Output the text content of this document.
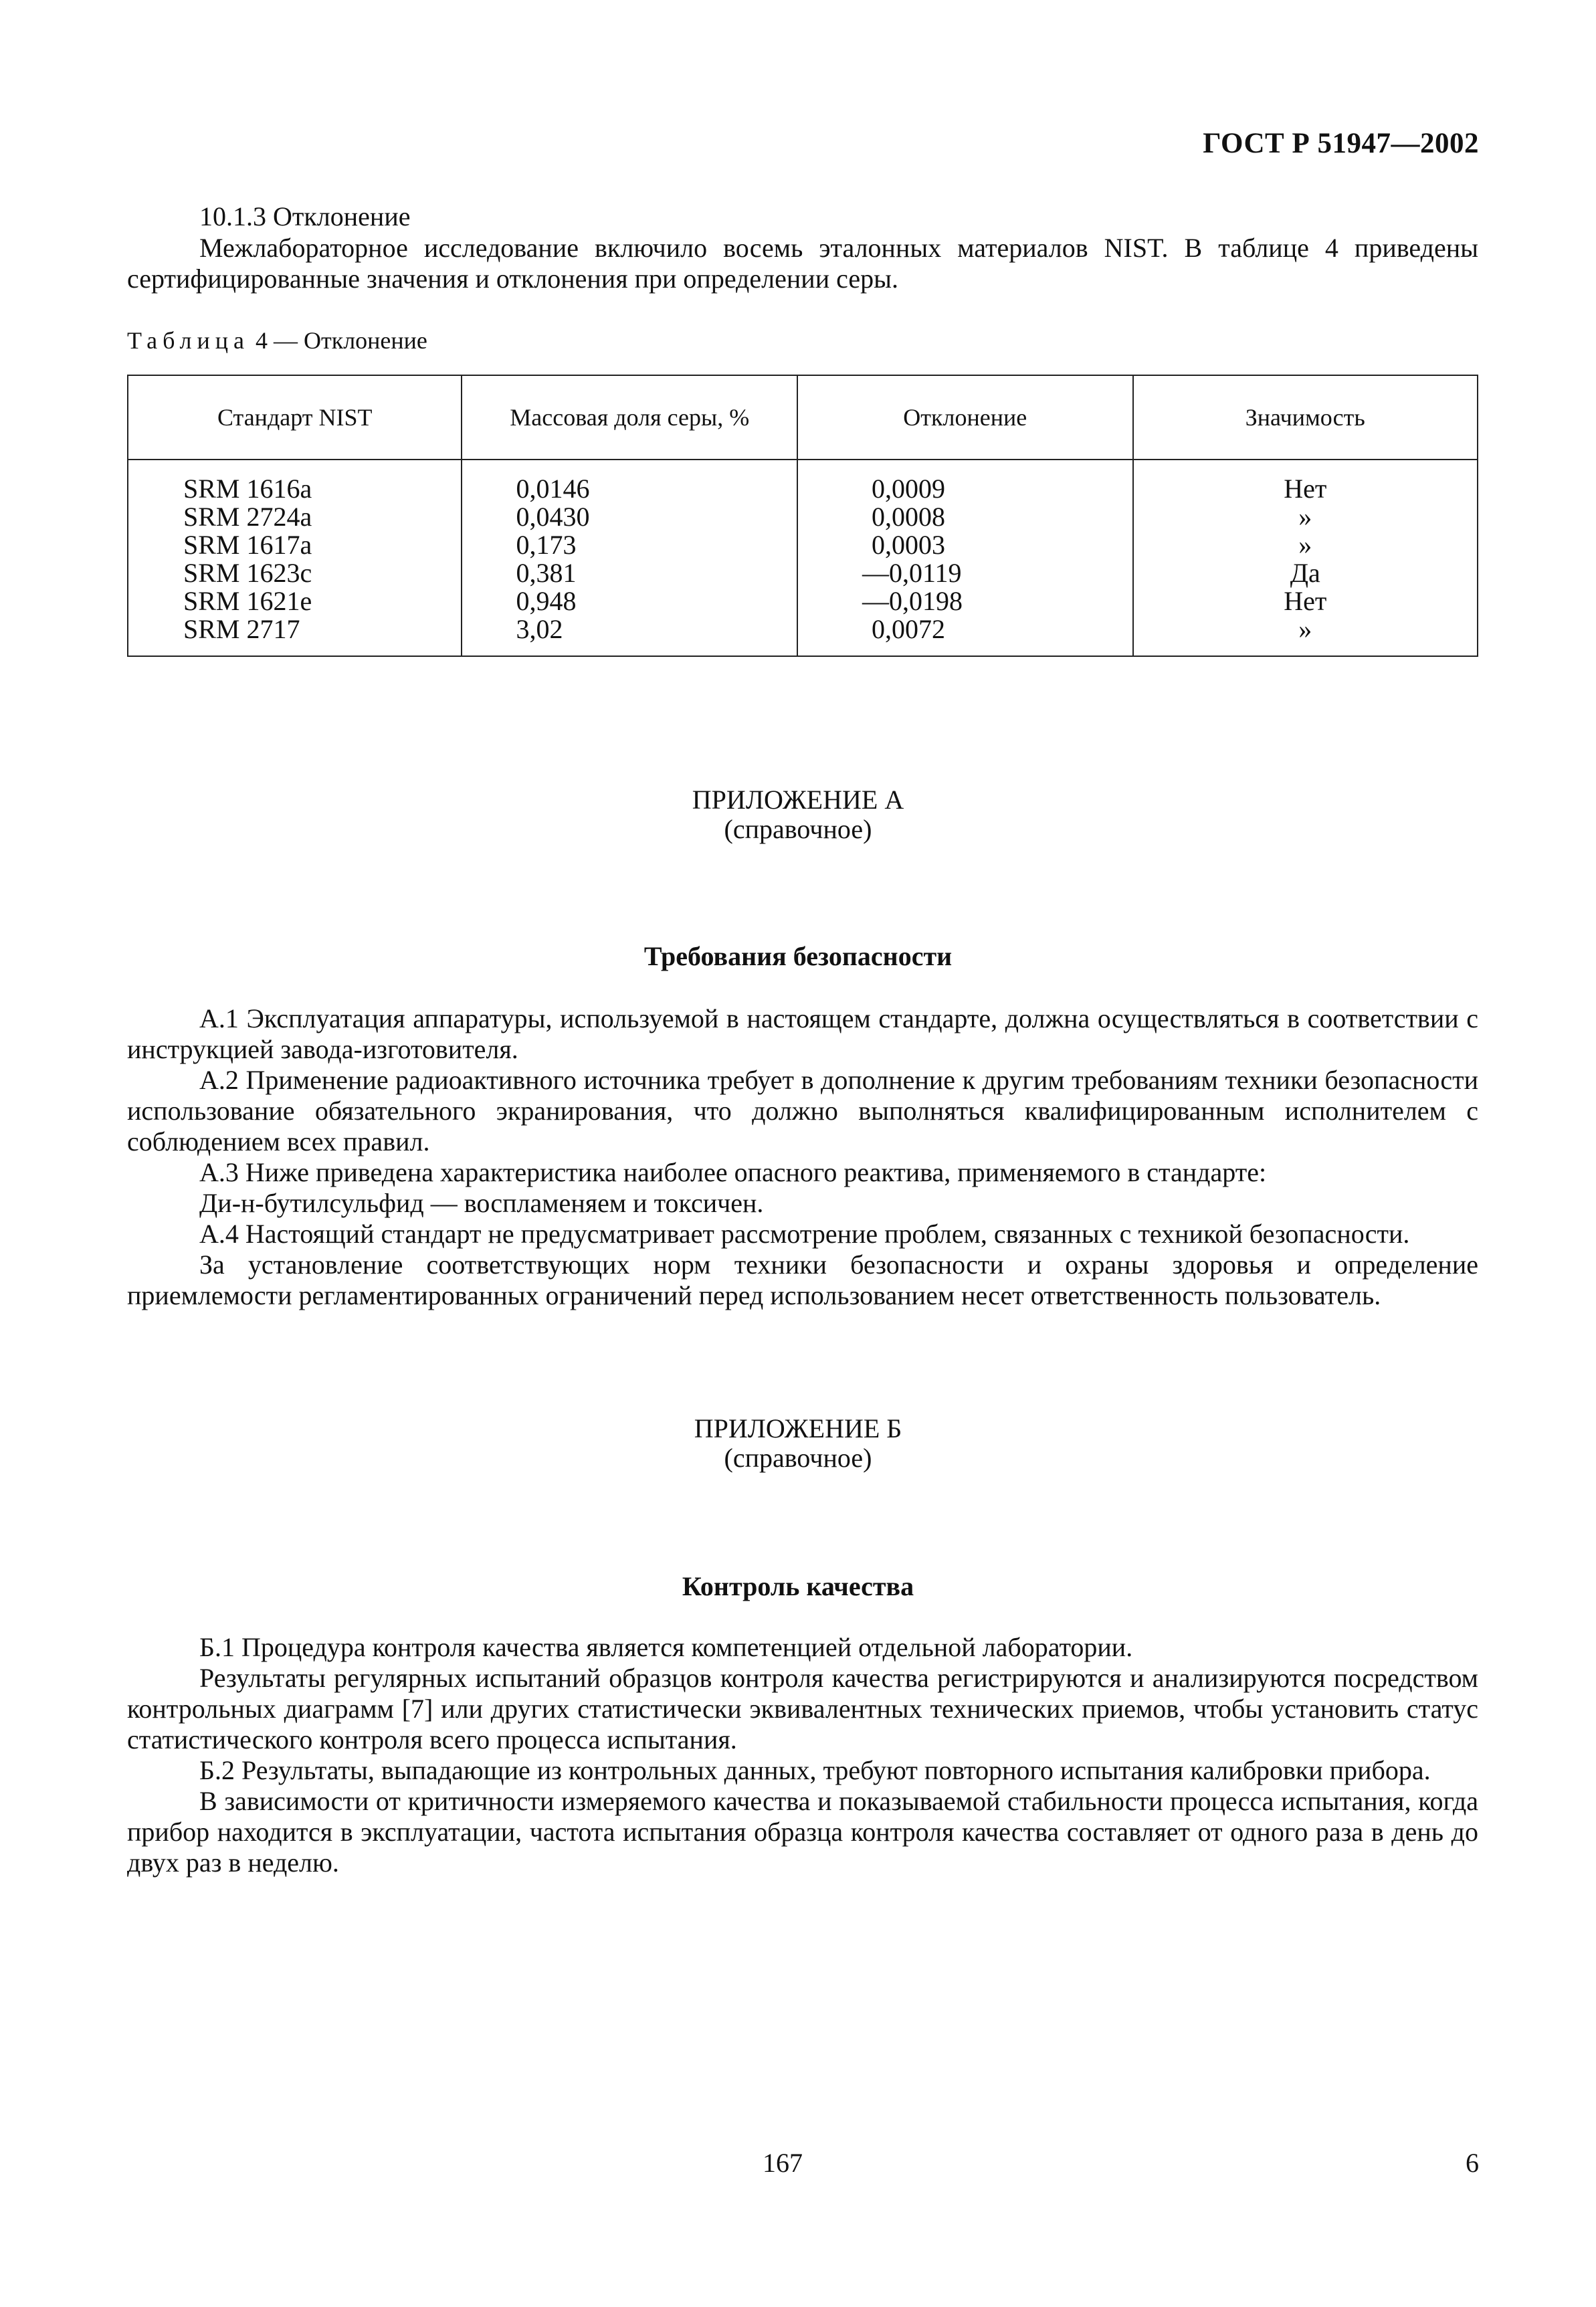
ГОСТ Р 51947—2002
10.1.3 Отклонение

Межлабораторное исследование включило восемь эталонных материалов NIST. В таблице 4 приведены сертифицированные значения и отклонения при определении серы.

Таблица 4 — Отклонение
Стандарт NIST	Массовая доля серы, %	Отклонение	Значимость
SRM 1616a	0,0146	0,0009	Нет
SRM 2724a	0,0430	0,0008	»
SRM 1617a	0,173	0,0003	»
SRM 1623c	0,381	—0,0119	Да
SRM 1621e	0,948	—0,0198	Нет
SRM 2717	3,02	0,0072	»
ПРИЛОЖЕНИЕ А
(справочное)
Требования безопасности

А.1 Эксплуатация аппаратуры, используемой в настоящем стандарте, должна осуществляться в соответствии с инструкцией завода-изготовителя.

А.2 Применение радиоактивного источника требует в дополнение к другим требованиям техники безопасности использование обязательного экранирования, что должно выполняться квалифицированным исполнителем с соблюдением всех правил.

А.3 Ниже приведена характеристика наиболее опасного реактива, применяемого в стандарте:

Ди-н-бутилсульфид — воспламеняем и токсичен.

А.4 Настоящий стандарт не предусматривает рассмотрение проблем, связанных с техникой безопасности.

За установление соответствующих норм техники безопасности и охраны здоровья и определение приемлемости регламентированных ограничений перед использованием несет ответственность пользователь.

ПРИЛОЖЕНИЕ Б
(справочное)
Контроль качества

Б.1 Процедура контроля качества является компетенцией отдельной лаборатории.

Результаты регулярных испытаний образцов контроля качества регистрируются и анализируются посредством контрольных диаграмм [7] или других статистически эквивалентных технических приемов, чтобы установить статус статистического контроля всего процесса испытания.

Б.2 Результаты, выпадающие из контрольных данных, требуют повторного испытания калибровки прибора.

В зависимости от критичности измеряемого качества и показываемой стабильности процесса испытания, когда прибор находится в эксплуатации, частота испытания образца контроля качества составляет от одного раза в день до двух раз в неделю.

167	6
